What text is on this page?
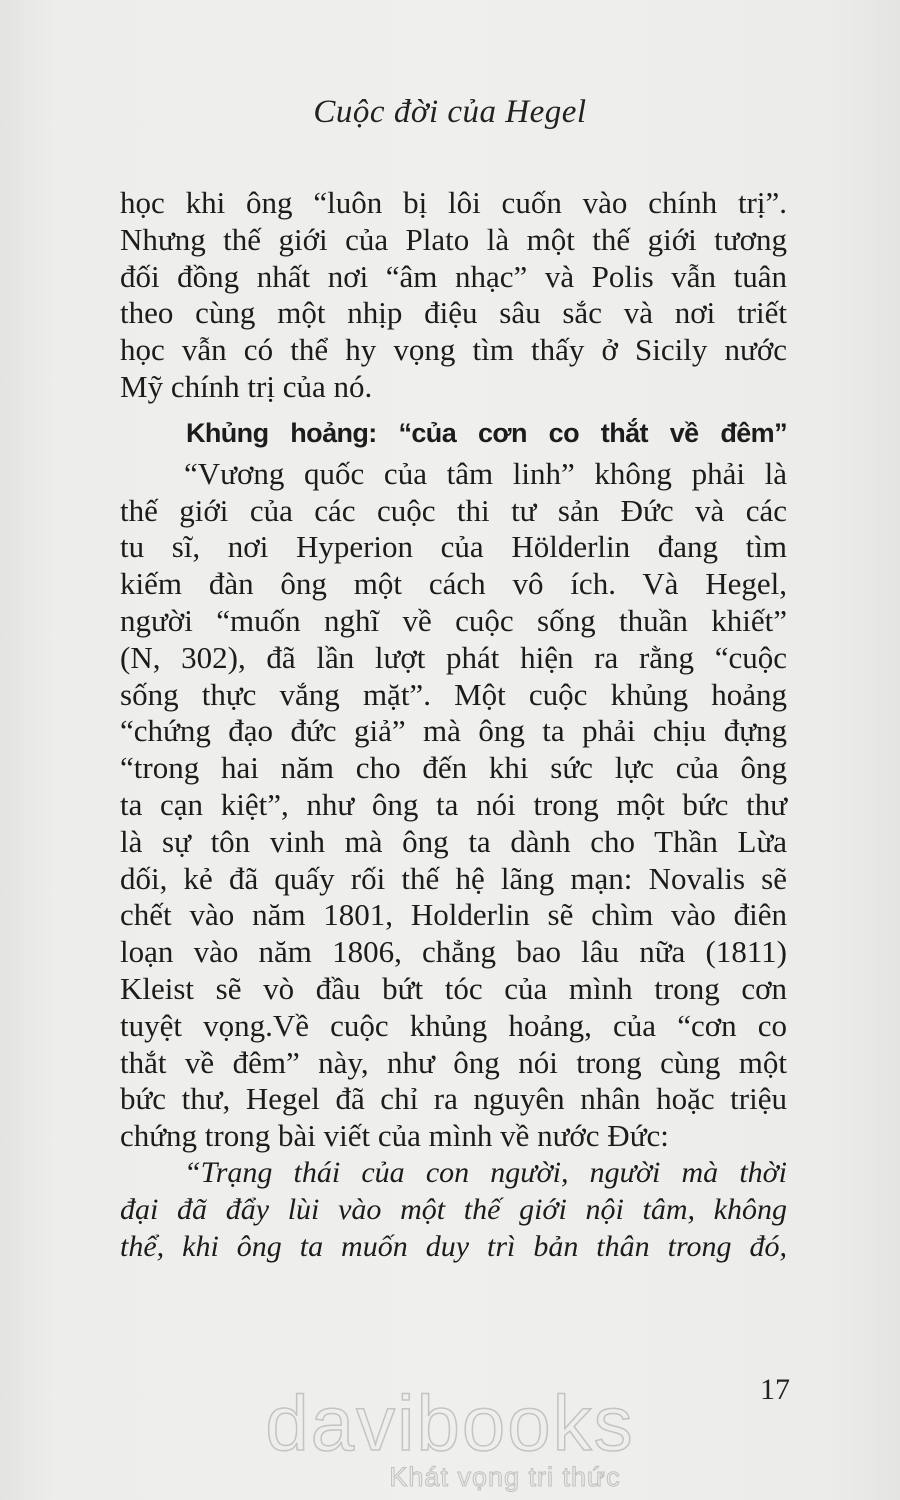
Cuộc đời của Hegel
học khi ông “luôn bị lôi cuốn vào chính trị”.
Nhưng thế giới của Plato là một thế giới tương
đối đồng nhất nơi “âm nhạc” và Polis vẫn tuân
theo cùng một nhịp điệu sâu sắc và nơi triết
học vẫn có thể hy vọng tìm thấy ở Sicily nước
Mỹ chính trị của nó.
Khủng hoảng: “của cơn co thắt về đêm”
“Vương quốc của tâm linh” không phải là
thế giới của các cuộc thi tư sản Đức và các
tu sĩ, nơi Hyperion của Hölderlin đang tìm
kiếm đàn ông một cách vô ích. Và Hegel,
người “muốn nghĩ về cuộc sống thuần khiết”
(N, 302), đã lần lượt phát hiện ra rằng “cuộc
sống thực vắng mặt”. Một cuộc khủng hoảng
“chứng đạo đức giả” mà ông ta phải chịu đựng
“trong hai năm cho đến khi sức lực của ông
ta cạn kiệt”, như ông ta nói trong một bức thư
là sự tôn vinh mà ông ta dành cho Thần Lừa
dối, kẻ đã quấy rối thế hệ lãng mạn: Novalis sẽ
chết vào năm 1801, Holderlin sẽ chìm vào điên
loạn vào năm 1806, chẳng bao lâu nữa (1811)
Kleist sẽ vò đầu bứt tóc của mình trong cơn
tuyệt vọng.Về cuộc khủng hoảng, của “cơn co
thắt về đêm” này, như ông nói trong cùng một
bức thư, Hegel đã chỉ ra nguyên nhân hoặc triệu
chứng trong bài viết của mình về nước Đức:
“Trạng thái của con người, người mà thời
đại đã đẩy lùi vào một thế giới nội tâm, không
thể, khi ông ta muốn duy trì bản thân trong đó,
17
davibooks
Khát vọng tri thức
